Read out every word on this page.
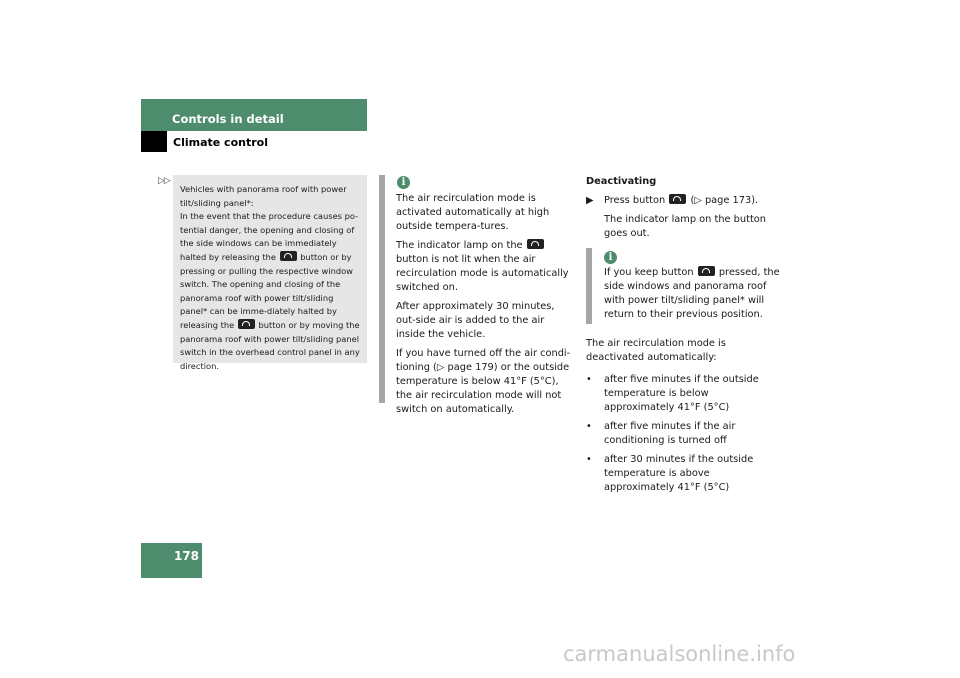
Controls in detail
Climate control
▷▷

Vehicles with panorama roof with power tilt/sliding panel*:

In the event that the procedure causes po-tential danger, the opening and closing of the side windows can be immediately halted by releasing the	button or by pressing or pulling the respective window switch. The opening and closing of the panorama roof with power tilt/sliding panel* can be imme-diately halted by releasing the	button or by moving the panorama roof with power tilt/sliding panel switch in the overhead control panel in any direction.

i

The air recirculation mode is activated automatically at high outside tempera-tures.

The indicator lamp on the  button is not lit when the air recirculation mode is automatically switched on.

After approximately 30 minutes, out-side air is added to the air inside the vehicle.

If you have turned off the air condi-tioning (▷ page 179) or the outside temperature is below 41°F (5°C), the air recirculation mode will not switch on automatically.

Deactivating

▶ Press button	(▷ page 173).

The indicator lamp on the button goes out.

i

If you keep button	pressed, the side windows and panorama roof with power tilt/sliding panel* will return to their previous position.

The air recirculation mode is deactivated automatically:

• after five minutes if the outside temperature is below approximately 41°F (5°C)
• after five minutes if the air conditioning is turned off
• after 30 minutes if the outside temperature is above approximately 41°F (5°C)
178
carmanualsonline.info
